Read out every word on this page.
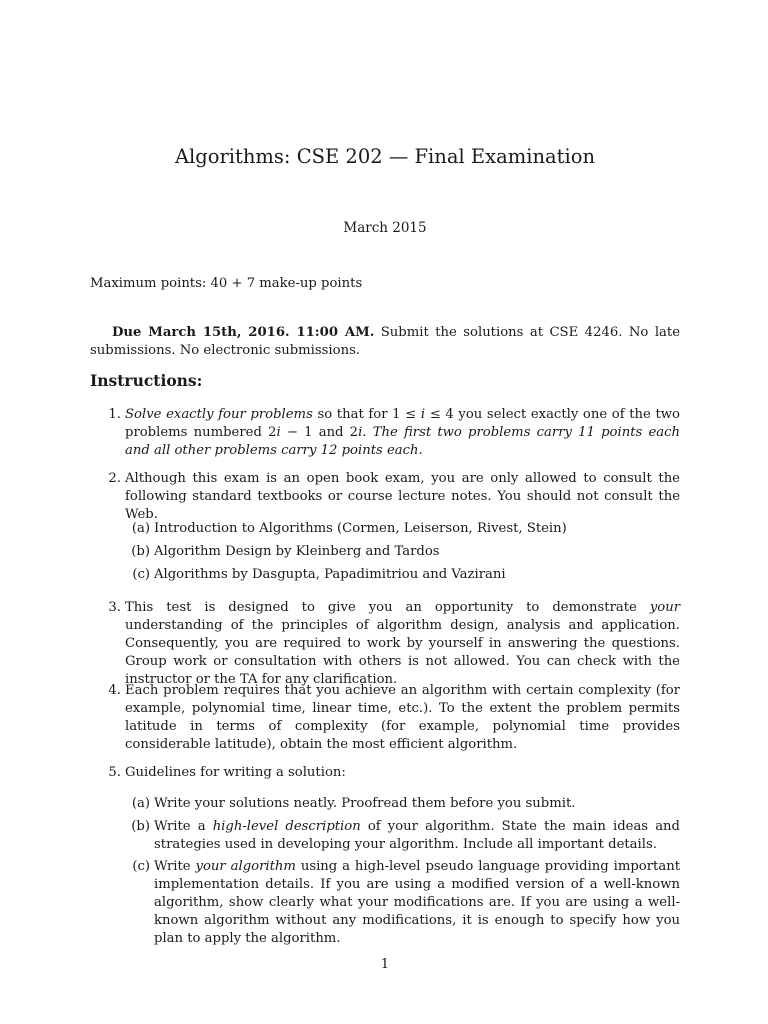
Algorithms: CSE 202 — Final Examination
March 2015
Maximum points: 40 + 7 make-up points
Due March 15th, 2016. 11:00 AM. Submit the solutions at CSE 4246. No late submissions. No electronic submissions.
Instructions:
1. Solve exactly four problems so that for 1 ≤ i ≤ 4 you select exactly one of the two problems numbered 2i − 1 and 2i. The first two problems carry 11 points each and all other problems carry 12 points each.
2. Although this exam is an open book exam, you are only allowed to consult the following standard textbooks or course lecture notes. You should not consult the Web.
(a) Introduction to Algorithms (Cormen, Leiserson, Rivest, Stein)
(b) Algorithm Design by Kleinberg and Tardos
(c) Algorithms by Dasgupta, Papadimitriou and Vazirani
3. This test is designed to give you an opportunity to demonstrate your understanding of the principles of algorithm design, analysis and application. Consequently, you are required to work by yourself in answering the questions. Group work or consultation with others is not allowed. You can check with the instructor or the TA for any clarification.
4. Each problem requires that you achieve an algorithm with certain complexity (for example, polynomial time, linear time, etc.). To the extent the problem permits latitude in terms of complexity (for example, polynomial time provides considerable latitude), obtain the most efficient algorithm.
5. Guidelines for writing a solution:
(a) Write your solutions neatly. Proofread them before you submit.
(b) Write a high-level description of your algorithm. State the main ideas and strategies used in developing your algorithm. Include all important details.
(c) Write your algorithm using a high-level pseudo language providing important implementation details. If you are using a modified version of a well-known algorithm, show clearly what your modifications are. If you are using a well-known algorithm without any modifications, it is enough to specify how you plan to apply the algorithm.
1
